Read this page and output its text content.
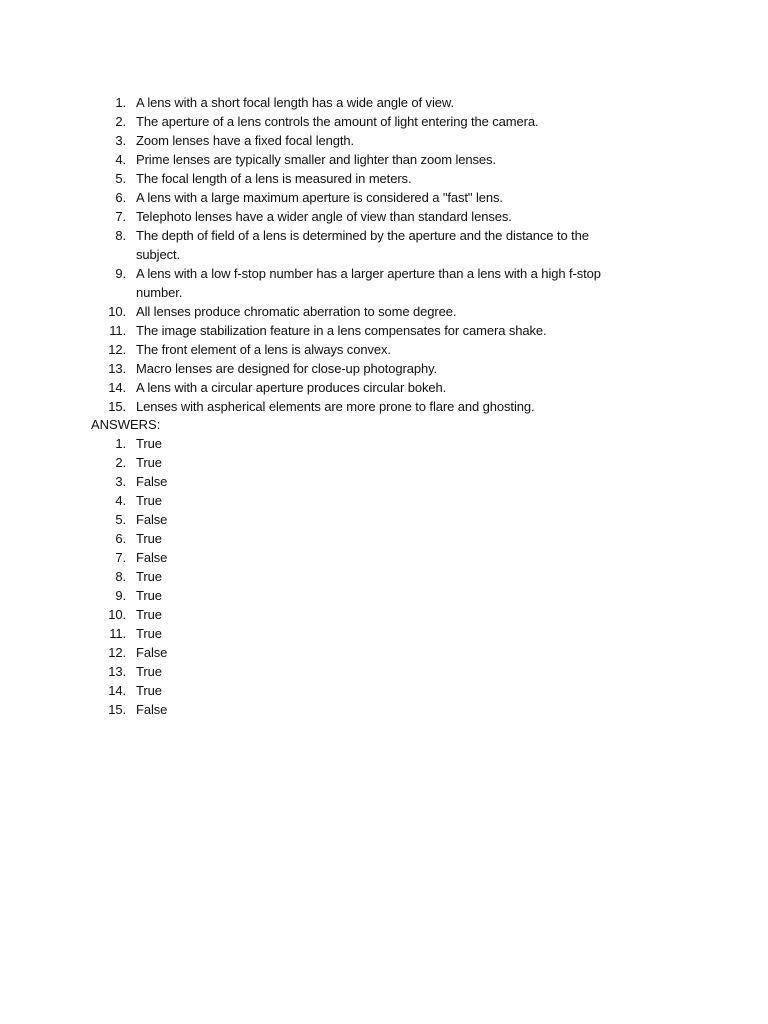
1. A lens with a short focal length has a wide angle of view.
2. The aperture of a lens controls the amount of light entering the camera.
3. Zoom lenses have a fixed focal length.
4. Prime lenses are typically smaller and lighter than zoom lenses.
5. The focal length of a lens is measured in meters.
6. A lens with a large maximum aperture is considered a "fast" lens.
7. Telephoto lenses have a wider angle of view than standard lenses.
8. The depth of field of a lens is determined by the aperture and the distance to the subject.
9. A lens with a low f-stop number has a larger aperture than a lens with a high f-stop number.
10. All lenses produce chromatic aberration to some degree.
11. The image stabilization feature in a lens compensates for camera shake.
12. The front element of a lens is always convex.
13. Macro lenses are designed for close-up photography.
14. A lens with a circular aperture produces circular bokeh.
15. Lenses with aspherical elements are more prone to flare and ghosting.
ANSWERS:
1. True
2. True
3. False
4. True
5. False
6. True
7. False
8. True
9. True
10. True
11. True
12. False
13. True
14. True
15. False
